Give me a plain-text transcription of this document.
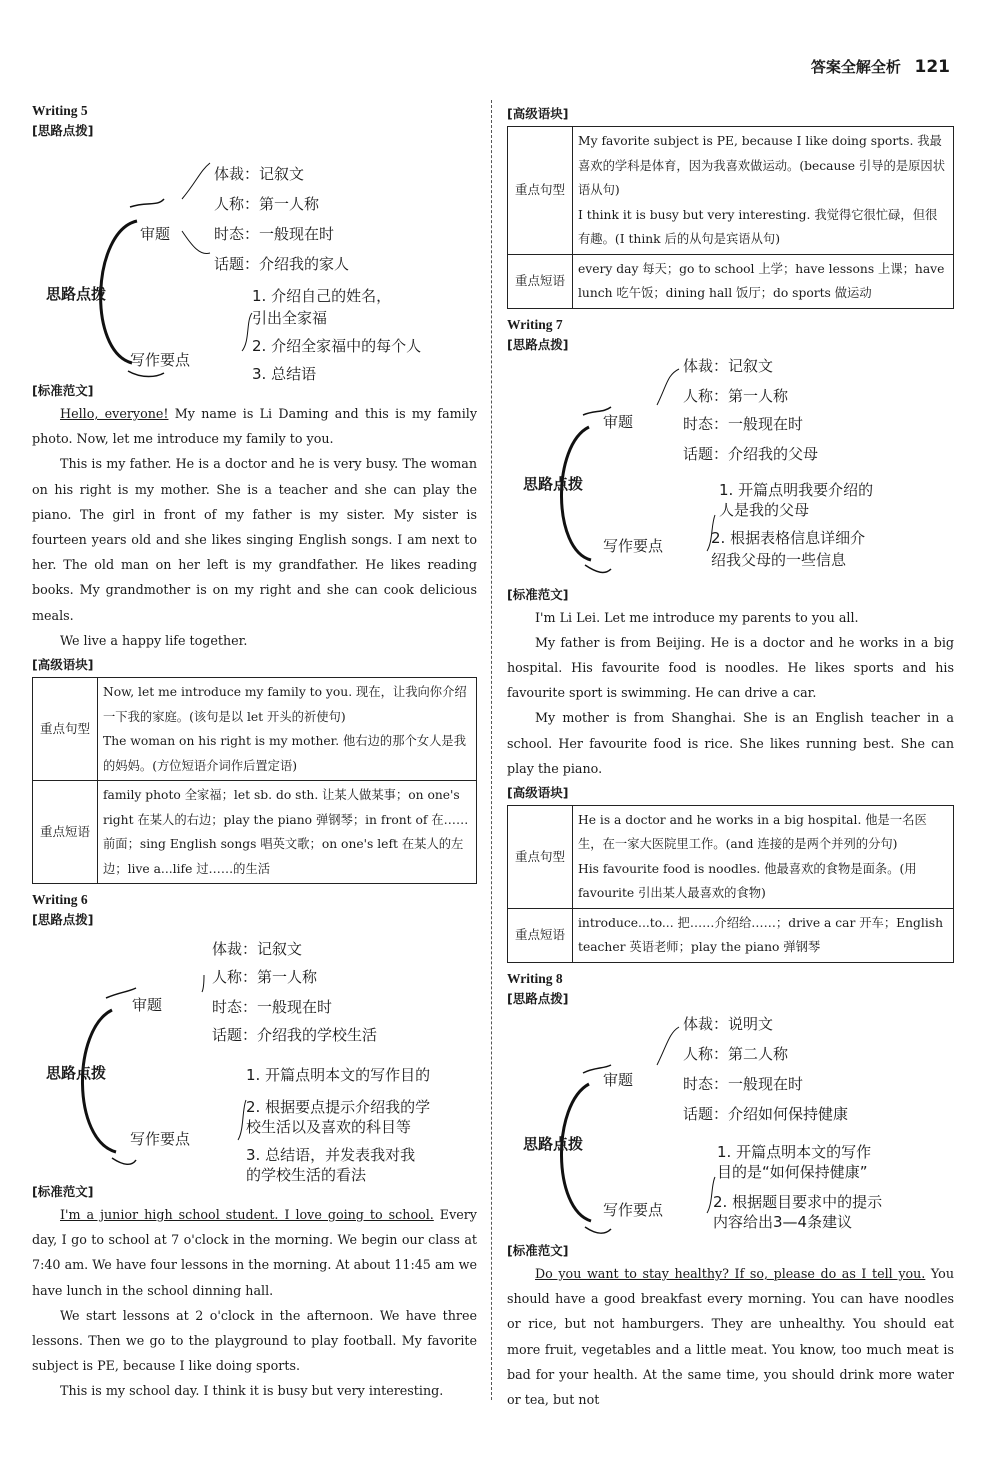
答案全解全析 121
Writing 5
[思路点拨]
思路点拨
审题
体裁：记叙文
人称：第一人称
时态：一般现在时
话题：介绍我的家人
写作要点
1. 介绍自己的姓名，
引出全家福
2. 介绍全家福中的每个人
3. 总结语
[标准范文]

Hello, everyone! My name is Li Daming and this is my family photo. Now, let me introduce my family to you.

This is my father. He is a doctor and he is very busy. The woman on his right is my mother. She is a teacher and she can play the piano. The girl in front of my father is my sister. My sister is fourteen years old and she likes singing English songs. I am next to her. The old man on her left is my grandfather. He likes reading books. My grandmother is on my right and she can cook delicious meals.

We live a happy life together.

[高级语块]
重点句型	Now, let me introduce my family to you. 现在，让我向你介绍一下我的家庭。(该句是以 let 开头的祈使句)
The woman on his right is my mother. 他右边的那个女人是我的妈妈。(方位短语介词作后置定语)

重点短语	family photo 全家福；let sb. do sth. 让某人做某事；on one's right 在某人的右边；play the piano 弹钢琴；in front of 在……前面；sing English songs 唱英文歌；on one's left 在某人的左边；live a...life 过……的生活
Writing 6
[思路点拨]
思路点拨
审题
体裁：记叙文
人称：第一人称
时态：一般现在时
话题：介绍我的学校生活
写作要点
1. 开篇点明本文的写作目的
2. 根据要点提示介绍我的学
校生活以及喜欢的科目等
3. 总结语，并发表我对我
的学校生活的看法
[标准范文]

I'm a junior high school student. I love going to school. Every day, I go to school at 7 o'clock in the morning. We begin our class at 7:40 am. We have four lessons in the morning. At about 11:45 am we have lunch in the school dinning hall.

We start lessons at 2 o'clock in the afternoon. We have three lessons. Then we go to the playground to play football. My favorite subject is PE, because I like doing sports.

This is my school day. I think it is busy but very interesting.

[高级语块]
重点句型	My favorite subject is PE, because I like doing sports. 我最喜欢的学科是体育，因为我喜欢做运动。(because 引导的是原因状语从句)
I think it is busy but very interesting. 我觉得它很忙碌，但很有趣。(I think 后的从句是宾语从句)

重点短语	every day 每天；go to school 上学；have lessons 上课；have lunch 吃午饭；dining hall 饭厅；do sports 做运动
Writing 7
[思路点拨]
思路点拨
审题
体裁：记叙文
人称：第一人称
时态：一般现在时
话题：介绍我的父母
写作要点
1. 开篇点明我要介绍的
人是我的父母
2. 根据表格信息详细介
绍我父母的一些信息
[标准范文]

I'm Li Lei. Let me introduce my parents to you all.

My father is from Beijing. He is a doctor and he works in a big hospital. His favourite food is noodles. He likes sports and his favourite sport is swimming. He can drive a car.

My mother is from Shanghai. She is an English teacher in a school. Her favourite food is rice. She likes running best. She can play the piano.

[高级语块]
重点句型	He is a doctor and he works in a big hospital. 他是一名医生，在一家大医院里工作。(and 连接的是两个并列的分句)
His favourite food is noodles. 他最喜欢的食物是面条。(用 favourite 引出某人最喜欢的食物)

重点短语	introduce...to... 把……介绍给……；drive a car 开车；English teacher 英语老师；play the piano 弹钢琴
Writing 8
[思路点拨]
思路点拨
审题
体裁：说明文
人称：第二人称
时态：一般现在时
话题：介绍如何保持健康
写作要点
1. 开篇点明本文的写作
目的是“如何保持健康”
2. 根据题目要求中的提示
内容给出3—4条建议
[标准范文]

Do you want to stay healthy? If so, please do as I tell you. You should have a good breakfast every morning. You can have noodles or rice, but not hamburgers. They are unhealthy. You should eat more fruit, vegetables and a little meat. You know, too much meat is bad for your health. At the same time, you should drink more water or tea, but not
